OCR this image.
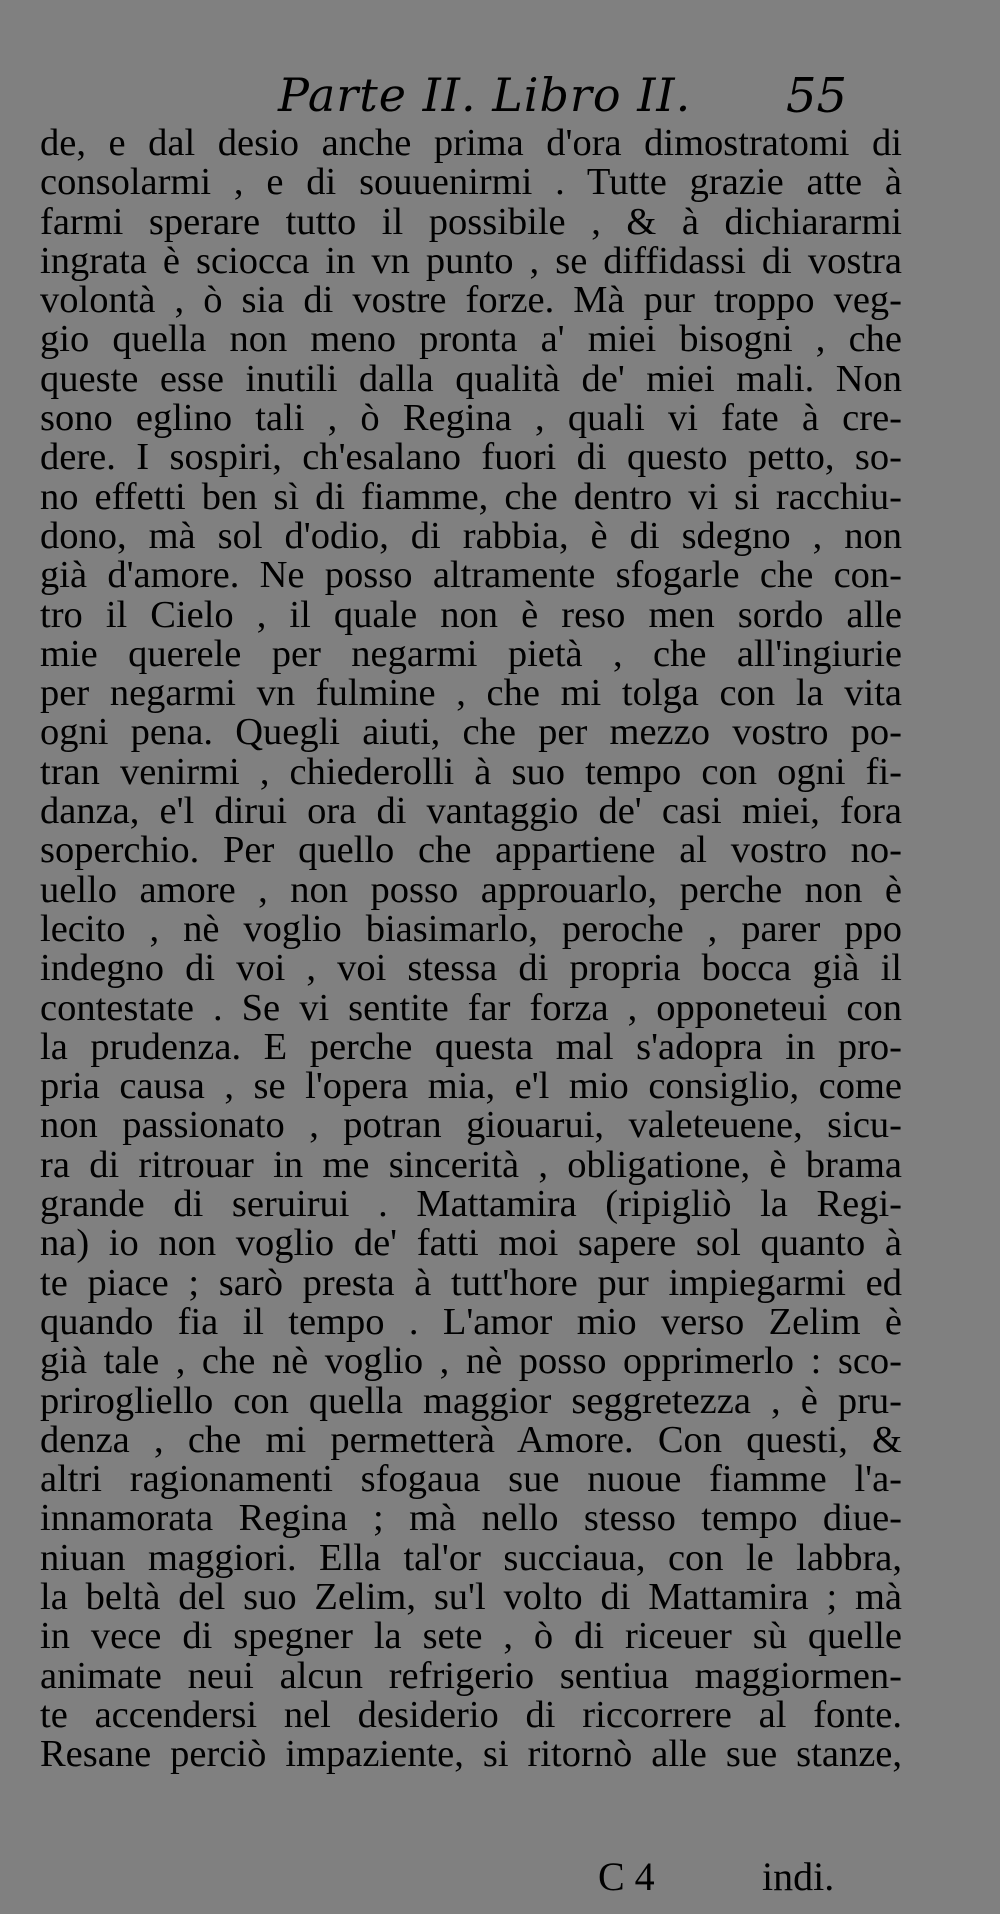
Parte II. Libro II. 55
de, e dal desio anche prima d'ora dimostratomi di
consolarmi , e di souuenirmi . Tutte grazie atte à
farmi sperare tutto il possibile , & à dichiararmi
ingrata è sciocca in vn punto , se diffidassi di vostra
volontà , ò sia di vostre forze. Mà pur troppo veg-
gio quella non meno pronta a' miei bisogni , che
queste esse inutili dalla qualità de' miei mali. Non
sono eglino tali , ò Regina , quali vi fate à cre-
dere. I sospiri, ch'esalano fuori di questo petto, so-
no effetti ben sì di fiamme, che dentro vi si racchiu-
dono, mà sol d'odio, di rabbia, è di sdegno , non
già d'amore. Ne posso altramente sfogarle che con-
tro il Cielo , il quale non è reso men sordo alle
mie querele per negarmi pietà , che all'ingiurie
per negarmi vn fulmine , che mi tolga con la vita
ogni pena. Quegli aiuti, che per mezzo vostro po-
tran venirmi , chiederolli à suo tempo con ogni fi-
danza, e'l dirui ora di vantaggio de' casi miei, fora
soperchio. Per quello che appartiene al vostro no-
uello amore , non posso approuarlo, perche non è
lecito , nè voglio biasimarlo, peroche , parer ppo
indegno di voi , voi stessa di propria bocca già il
contestate . Se vi sentite far forza , opponeteui con
la prudenza. E perche questa mal s'adopra in pro-
pria causa , se l'opera mia, e'l mio consiglio, come
non passionato , potran giouarui, valeteuene, sicu-
ra di ritrouar in me sincerità , obligatione, è brama
grande di seruirui . Mattamira (ripigliò la Regi-
na) io non voglio de' fatti moi sapere sol quanto à
te piace ; sarò presta à tutt'hore pur impiegarmi ed
quando fia il tempo . L'amor mio verso Zelim è
già tale , che nè voglio , nè posso opprimerlo : sco-
prirogliello con quella maggior seggretezza , è pru-
denza , che mi permetterà Amore. Con questi, &
altri ragionamenti sfogaua sue nuoue fiamme l'a-
innamorata Regina ; mà nello stesso tempo diue-
niuan maggiori. Ella tal'or succiaua, con le labbra,
la beltà del suo Zelim, su'l volto di Mattamira ; mà
in vece di spegner la sete , ò di riceuer sù quelle
animate neui alcun refrigerio sentiua maggiormen-
te accendersi nel desiderio di riccorrere al fonte.
Resane perciò impaziente, si ritornò alle sue stanze,
C 4	indi.
